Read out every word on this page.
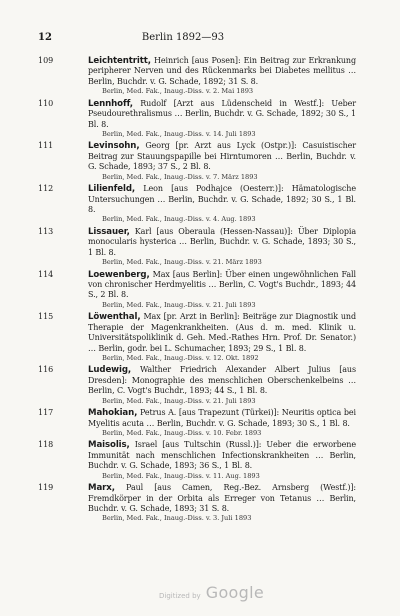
12	Berlin 1892—93
109	Leichtentritt, Heinrich [aus Posen]: Ein Beitrag zur Erkrankung peripherer Nerven und des Rückenmarks bei Diabetes mellitus … Berlin, Buchdr. v. G. Schade, 1892; 31 S. 8.
Berlin, Med. Fak., Inaug.-Diss. v. 2. Mai 1893
110	Lennhoff, Rudolf [Arzt aus Lüdenscheid in Westf.]: Ueber Pseudourethralismus … Berlin, Buchdr. v. G. Schade, 1892; 30 S., 1 Bl. 8.
Berlin, Med. Fak., Inaug.-Diss. v. 14. Juli 1893
111	Levinsohn, Georg [pr. Arzt aus Lyck (Ostpr.)]: Casuistischer Beitrag zur Stauungspapille bei Hirntumoren … Berlin, Buchdr. v. G. Schade, 1893; 37 S., 2 Bl. 8.
Berlin, Med. Fak., Inaug.-Diss. v. 7. März 1893
112	Lilienfeld, Leon [aus Podhajce (Oesterr.)]: Hämatologische Untersuchungen … Berlin, Buchdr. v. G. Schade, 1892; 30 S., 1 Bl. 8.
Berlin, Med. Fak., Inaug.-Diss. v. 4. Aug. 1893
113	Lissauer, Karl [aus Oberaula (Hessen-Nassau)]: Über Diplopia monocularis hysterica … Berlin, Buchdr. v. G. Schade, 1893; 30 S., 1 Bl. 8.
Berlin, Med. Fak., Inaug.-Diss. v. 21. März 1893
114	Loewenberg, Max [aus Berlin]: Über einen ungewöhnlichen Fall von chronischer Herdmyelitis … Berlin, C. Vogt's Buchdr., 1893; 44 S., 2 Bl. 8.
Berlin, Med. Fak., Inaug.-Diss. v. 21. Juli 1893
115	Löwenthal, Max [pr. Arzt in Berlin]: Beiträge zur Diagnostik und Therapie der Magenkrankheiten. (Aus d. m. med. Klinik u. Universitätspoliklinik d. Geh. Med.-Rathes Hrn. Prof. Dr. Senator.) … Berlin, godr. bei L. Schumacher, 1893; 29 S., 1 Bl. 8.
Berlin, Med. Fak., Inaug.-Diss. v. 12. Okt. 1892
116	Ludewig, Walther Friedrich Alexander Albert Julius [aus Dresden]: Monographie des menschlichen Oberschenkelbeins … Berlin, C. Vogt's Buchdr., 1893; 44 S., 1 Bl. 8.
Berlin, Med. Fak., Inaug.-Diss. v. 21. Juli 1893
117	Mahokian, Petrus A. [aus Trapezunt (Türkei)]: Neuritis optica bei Myelitis acuta … Berlin, Buchdr. v. G. Schade, 1893; 30 S., 1 Bl. 8.
Berlin, Med. Fak., Inaug.-Diss. v. 10. Febr. 1893
118	Maisolis, Israel [aus Tultschin (Russl.)]: Ueber die erworbene Immunität nach menschlichen Infectionskrankheiten … Berlin, Buchdr. v. G. Schade, 1893; 36 S., 1 Bl. 8.
Berlin, Med. Fak., Inaug.-Diss. v. 11. Aug. 1893
119	Marx, Paul [aus Camen, Reg.-Bez. Arnsberg (Westf.)]: Fremdkörper in der Orbita als Erreger von Tetanus … Berlin, Buchdr. v. G. Schade, 1893; 31 S. 8.
Berlin, Med. Fak., Inaug.-Diss. v. 3. Juli 1893
Digitized by Google
